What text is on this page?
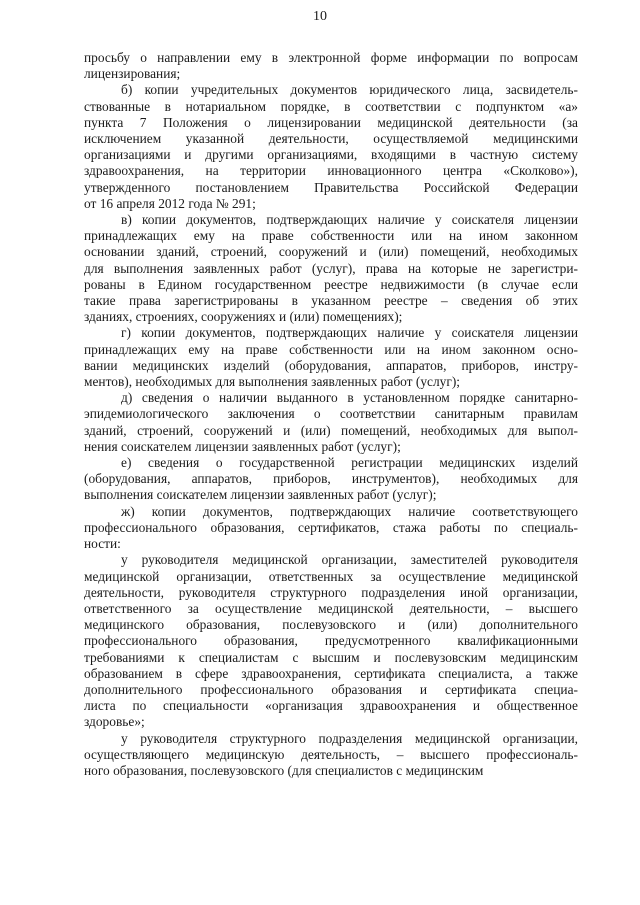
10
просьбу о направлении ему в электронной форме информации по вопросам
лицензирования;
б) копии учредительных документов юридического лица, засвидетель-
ствованные в нотариальном порядке, в соответствии с подпунктом «а»
пункта 7 Положения о лицензировании медицинской деятельности (за
исключением указанной деятельности, осуществляемой медицинскими
организациями и другими организациями, входящими в частную систему
здравоохранения, на территории инновационного центра «Сколково»),
утвержденного постановлением Правительства Российской Федерации
от 16 апреля 2012 года № 291;
в) копии документов, подтверждающих наличие у соискателя лицензии
принадлежащих ему на праве собственности или на ином законном
основании зданий, строений, сооружений и (или) помещений, необходимых
для выполнения заявленных работ (услуг), права на которые не зарегистри-
рованы в Едином государственном реестре недвижимости (в случае если
такие права зарегистрированы в указанном реестре – сведения об этих
зданиях, строениях, сооружениях и (или) помещениях);
г) копии документов, подтверждающих наличие у соискателя лицензии
принадлежащих ему на праве собственности или на ином законном осно-
вании медицинских изделий (оборудования, аппаратов, приборов, инстру-
ментов), необходимых для выполнения заявленных работ (услуг);
д) сведения о наличии выданного в установленном порядке санитарно-
эпидемиологического заключения о соответствии санитарным правилам
зданий, строений, сооружений и (или) помещений, необходимых для выпол-
нения соискателем лицензии заявленных работ (услуг);
е) сведения о государственной регистрации медицинских изделий
(оборудования, аппаратов, приборов, инструментов), необходимых для
выполнения соискателем лицензии заявленных работ (услуг);
ж) копии документов, подтверждающих наличие соответствующего
профессионального образования, сертификатов, стажа работы по специаль-
ности:
у руководителя медицинской организации, заместителей руководителя
медицинской организации, ответственных за осуществление медицинской
деятельности, руководителя структурного подразделения иной организации,
ответственного за осуществление медицинской деятельности, – высшего
медицинского образования, послевузовского и (или) дополнительного
профессионального образования, предусмотренного квалификационными
требованиями к специалистам с высшим и послевузовским медицинским
образованием в сфере здравоохранения, сертификата специалиста, а также
дополнительного профессионального образования и сертификата специа-
листа по специальности «организация здравоохранения и общественное
здоровье»;
у руководителя структурного подразделения медицинской организации,
осуществляющего медицинскую деятельность, – высшего профессиональ-
ного образования, послевузовского (для специалистов с медицинским
